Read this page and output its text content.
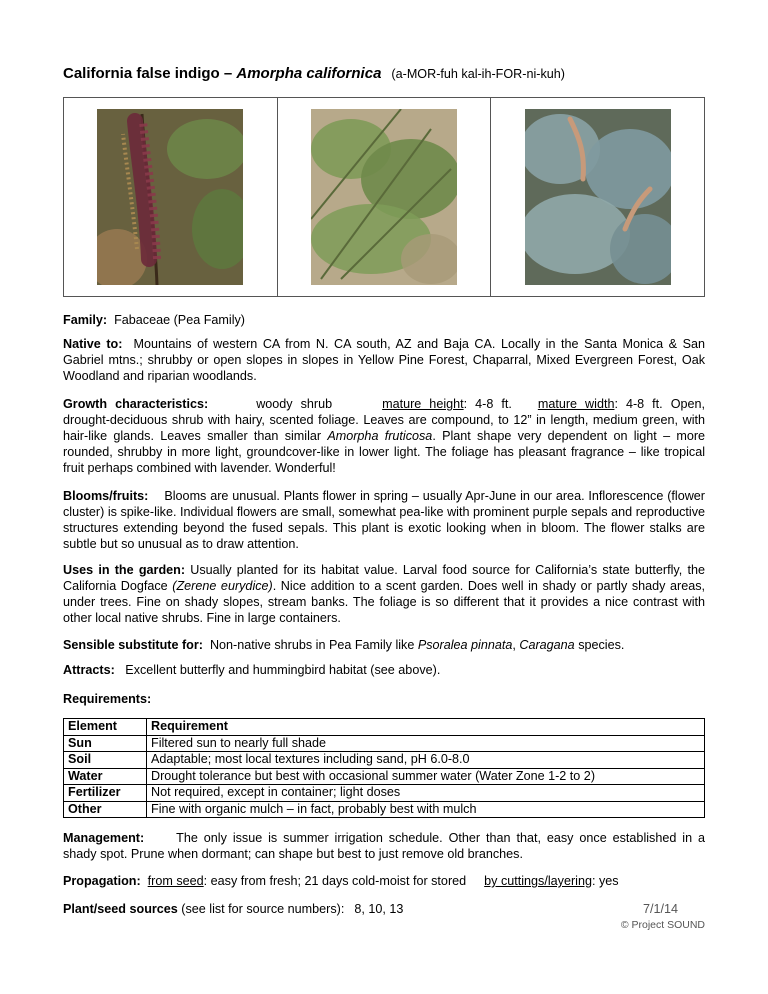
California false indigo – Amorpha californica (a-MOR-fuh kal-ih-FOR-ni-kuh)
Family: Fabaceae (Pea Family)
Native to: Mountains of western CA from N. CA south, AZ and Baja CA. Locally in the Santa Monica & San Gabriel mtns.; shrubby or open slopes in slopes in Yellow Pine Forest, Chaparral, Mixed Evergreen Forest, Oak Woodland and riparian woodlands.
Growth characteristics:	woody shrub	mature height: 4-8 ft. mature width: 4-8 ft. Open, drought-deciduous shrub with hairy, scented foliage. Leaves are compound, to 12” in length, medium green, with hair-like glands. Leaves smaller than similar Amorpha fruticosa. Plant shape very dependent on light – more rounded, shrubby in more light, groundcover-like in lower light. The foliage has pleasant fragrance – like tropical fruit perhaps combined with lavender. Wonderful!
Blooms/fruits: Blooms are unusual. Plants flower in spring – usually Apr-June in our area. Inflorescence (flower cluster) is spike-like. Individual flowers are small, somewhat pea-like with prominent purple sepals and reproductive structures extending beyond the fused sepals. This plant is exotic looking when in bloom. The flower stalks are subtle but so unusual as to draw attention.
Uses in the garden: Usually planted for its habitat value. Larval food source for California’s state butterfly, the California Dogface (Zerene eurydice). Nice addition to a scent garden. Does well in shady or partly shady areas, under trees. Fine on shady slopes, stream banks. The foliage is so different that it provides a nice contrast with other local native shrubs. Fine in large containers.
Sensible substitute for: Non-native shrubs in Pea Family like Psoralea pinnata, Caragana species.
Attracts: Excellent butterfly and hummingbird habitat (see above).
Requirements:
Element	Requirement
Sun	Filtered sun to nearly full shade
Soil	Adaptable; most local textures including sand, pH 6.0-8.0
Water	Drought tolerance but best with occasional summer water (Water Zone 1-2 to 2)
Fertilizer	Not required, except in container; light doses
Other	Fine with organic mulch – in fact, probably best with mulch
Management:	The only issue is summer irrigation schedule. Other than that, easy once established in a shady spot. Prune when dormant; can shape but best to just remove old branches.
Propagation: from seed: easy from fresh; 21 days cold-moist for stored by cuttings/layering: yes
Plant/seed sources (see list for source numbers): 8, 10, 13	7/1/14
© Project SOUND
